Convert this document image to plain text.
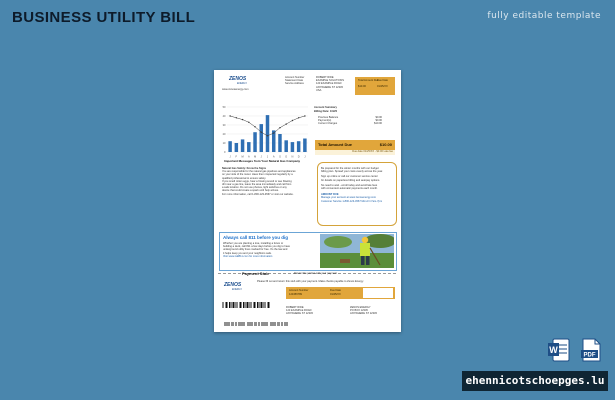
BUSINESS UTILITY BILL	fully editable template
ZENOS
ENERGY
www.zenosenergy.com
Account Number
Statement Date
Service Address
ROBERT RIDE
EXAMPLE SOLUTIONS
123 EXAMPLE ROAD
ANYWHERE ST 12345
USA
Total Amount Due
$10.00
Due Date
01/25/XX
0
10
20
30
40
50
J F M A M J J A S O N D J
Account Summary
Billing Date: 1/4/20
Previous Balance	$0.00
Payment(s)	$0.00
Current Charges	$10.00
Total Amount Due	$10.00
Due date 01/25/XX - $3.00 Late fee
Important Messages from Your Natural Gas Company
Natural Gas Safety: Know the Signs
You are responsible for the natural gas pipelines and appliances
on your side of the meter. Have them inspected regularly by a
qualified professional to ensure safety.
If you smell rotten eggs, hear a hissing sound or see blowing
dirt near a gas line, leave the area immediately and call from
a safe location. Do not use phones, light switches or any
device that could create a spark until help arrives.
For more information, call 1-800-123-4567 or visit our website.
Be prepared for the winter months with our budget
billing plan. Spread your costs evenly across the year.
Sign up online or call our customer service center
for details on paperless billing and autopay options.
No need to wait - enroll today and avoid late fees
with convenient automatic payments each month.
AMOUNT DUE
Manage your account at www.zenosenergy.com
Customer Service 1-800-123-4567 Mon-Fri 7am-7pm
Always call 811 before you dig
Whether you are planting a tree, installing a fence or
building a deck, call 811 a few days before you dig to have
underground utility lines marked for free. It's the law and
it helps keep you and your neighbors safe.
Visit www.call811.com for more information
Payment Stub	Return this portion with your payment
ZENOS
ENERGY
Please fill out and return this stub with your payment. Make checks payable to Zenos Energy.
Account Number
123456789
Due Date
01/25/XX
ROBERT RIDE
123 EXAMPLE ROAD
ANYWHERE ST 12345
ZENOS ENERGY
PO BOX 12345
ANYWHERE ST 12345
W
PDF
ehennicotschoepges.lu
